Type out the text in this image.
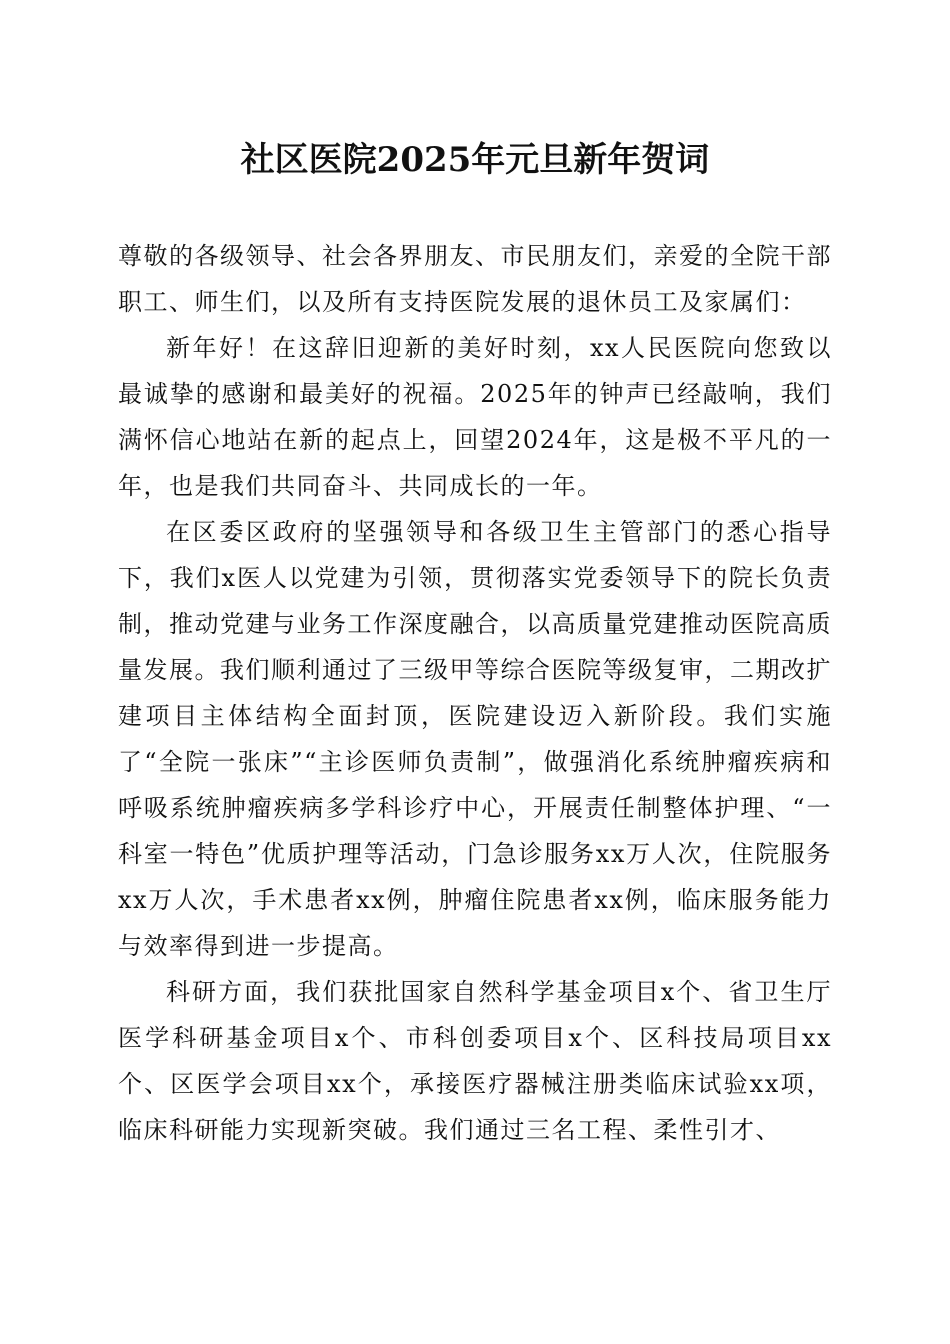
社区医院2025年元旦新年贺词

尊敬的各级领导、社会各界朋友、市民朋友们，亲爱的全院干部职工、师生们，以及所有支持医院发展的退休员工及家属们：

新年好！在这辞旧迎新的美好时刻，xx人民医院向您致以最诚挚的感谢和最美好的祝福。2025年的钟声已经敲响，我们满怀信心地站在新的起点上，回望2024年，这是极不平凡的一年，也是我们共同奋斗、共同成长的一年。

在区委区政府的坚强领导和各级卫生主管部门的悉心指导下，我们x医人以党建为引领，贯彻落实党委领导下的院长负责制，推动党建与业务工作深度融合，以高质量党建推动医院高质量发展。我们顺利通过了三级甲等综合医院等级复审，二期改扩建项目主体结构全面封顶，医院建设迈入新阶段。我们实施了“全院一张床”“主诊医师负责制”，做强消化系统肿瘤疾病和呼吸系统肿瘤疾病多学科诊疗中心，开展责任制整体护理、“一科室一特色”优质护理等活动，门急诊服务xx万人次，住院服务xx万人次，手术患者xx例，肿瘤住院患者xx例，临床服务能力与效率得到进一步提高。

科研方面，我们获批国家自然科学基金项目x个、省卫生厅医学科研基金项目x个、市科创委项目x个、区科技局项目xx个、区医学会项目xx个，承接医疗器械注册类临床试验xx项，临床科研能力实现新突破。我们通过三名工程、柔性引才、
